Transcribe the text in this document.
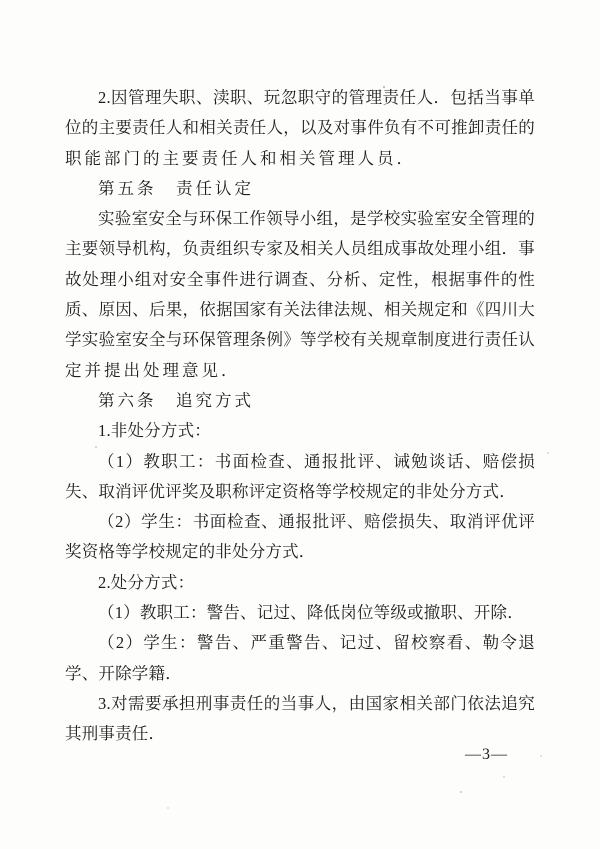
2.因管理失职、渎职、玩忽职守的管理责任人．包括当事单
位的主要责任人和相关责任人，以及对事件负有不可推卸责任的
职能部门的主要责任人和相关管理人员．
第五条　责任认定
实验室安全与环保工作领导小组，是学校实验室安全管理的
主要领导机构，负责组织专家及相关人员组成事故处理小组．事
故处理小组对安全事件进行调查、分析、定性，根据事件的性
质、原因、后果，依据国家有关法律法规、相关规定和《四川大
学实验室安全与环保管理条例》等学校有关规章制度进行责任认
定并提出处理意见．
第六条　追究方式
1.非处分方式：
（1）教职工：书面检查、通报批评、诫勉谈话、赔偿损
失、取消评优评奖及职称评定资格等学校规定的非处分方式．
（2）学生：书面检查、通报批评、赔偿损失、取消评优评
奖资格等学校规定的非处分方式．
2.处分方式：
（1）教职工：警告、记过、降低岗位等级或撤职、开除．
（2）学生：警告、严重警告、记过、留校察看、勒令退
学、开除学籍．
3.对需要承担刑事责任的当事人，由国家相关部门依法追究
其刑事责任．
—3—
